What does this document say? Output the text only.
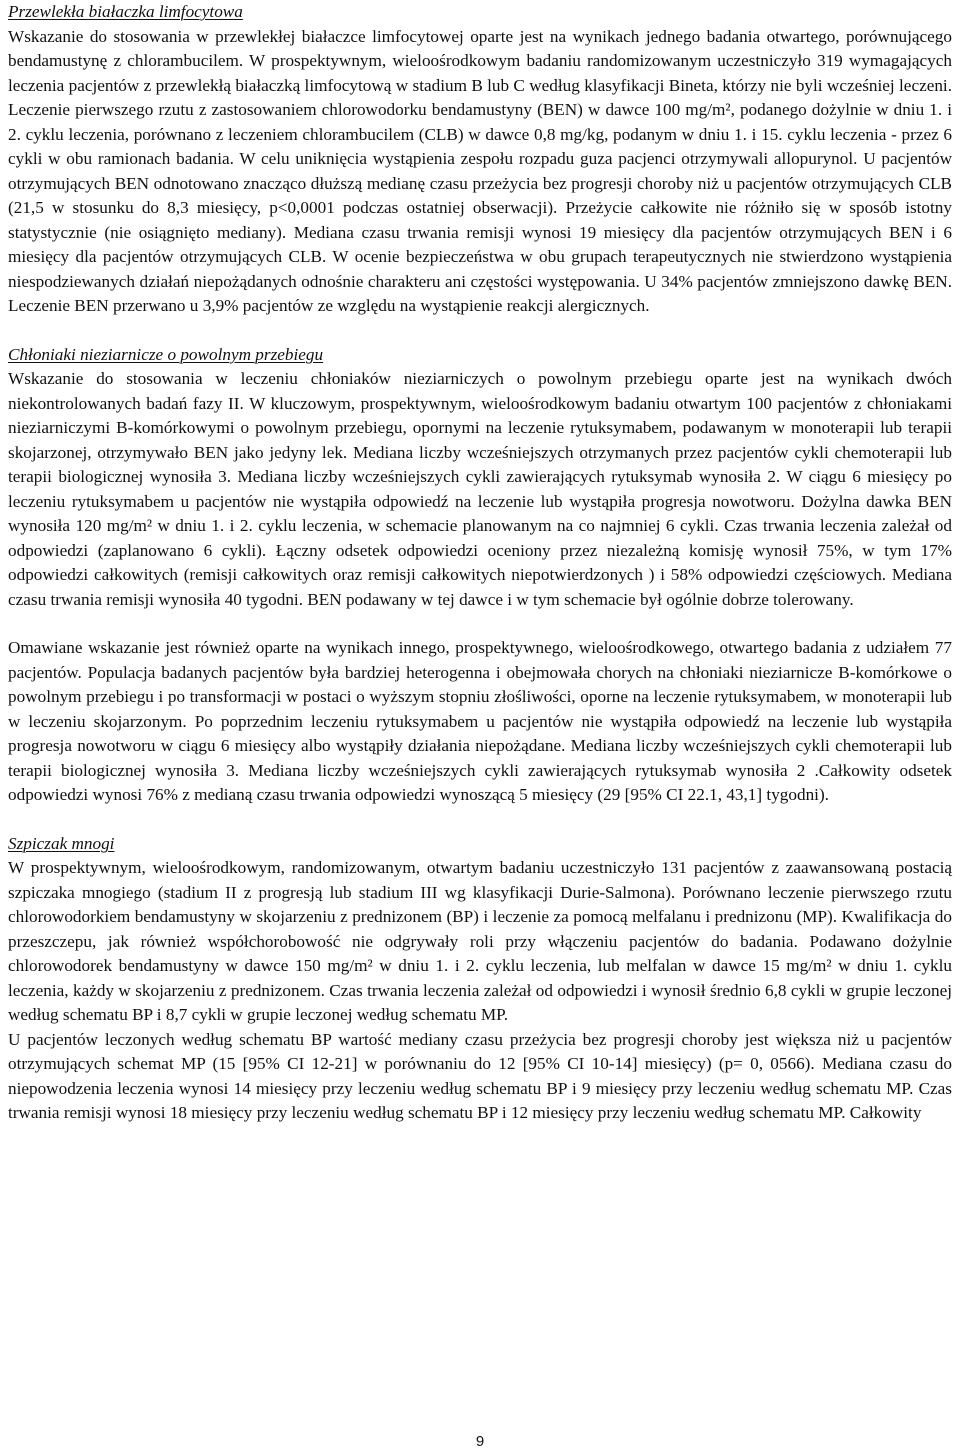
Przewlekła białaczka limfocytowa

Wskazanie do stosowania w przewlekłej białaczce limfocytowej oparte jest na wynikach jednego badania otwartego, porównującego bendamustynę z chlorambucilem. W prospektywnym, wieloośrodkowym badaniu randomizowanym uczestniczyło 319 wymagających leczenia pacjentów z przewlekłą białaczką limfocytową w stadium B lub C według klasyfikacji Bineta, którzy nie byli wcześniej leczeni. Leczenie pierwszego rzutu z zastosowaniem chlorowodorku bendamustyny (BEN) w dawce 100 mg/m², podanego dożylnie w dniu 1. i 2. cyklu leczenia, porównano z leczeniem chlorambucilem (CLB) w dawce 0,8 mg/kg, podanym w dniu 1. i 15. cyklu leczenia - przez 6 cykli w obu ramionach badania. W celu uniknięcia wystąpienia zespołu rozpadu guza pacjenci otrzymywali allopurynol. U pacjentów otrzymujących BEN odnotowano znacząco dłuższą medianę czasu przeżycia bez progresji choroby niż u pacjentów otrzymujących CLB (21,5 w stosunku do 8,3 miesięcy, p<0,0001 podczas ostatniej obserwacji). Przeżycie całkowite nie różniło się w sposób istotny statystycznie (nie osiągnięto mediany). Mediana czasu trwania remisji wynosi 19 miesięcy dla pacjentów otrzymujących BEN i 6 miesięcy dla pacjentów otrzymujących CLB. W ocenie bezpieczeństwa w obu grupach terapeutycznych nie stwierdzono wystąpienia niespodziewanych działań niepożądanych odnośnie charakteru ani częstości występowania. U 34% pacjentów zmniejszono dawkę BEN. Leczenie BEN przerwano u 3,9% pacjentów ze względu na wystąpienie reakcji alergicznych.

Chłoniaki nieziarnicze o powolnym przebiegu

Wskazanie do stosowania w leczeniu chłoniaków nieziarniczych o powolnym przebiegu oparte jest na wynikach dwóch niekontrolowanych badań fazy II. W kluczowym, prospektywnym, wieloośrodkowym badaniu otwartym 100 pacjentów z chłoniakami nieziarniczymi B-komórkowymi o powolnym przebiegu, opornymi na leczenie rytuksymabem, podawanym w monoterapii lub terapii skojarzonej, otrzymywało BEN jako jedyny lek. Mediana liczby wcześniejszych otrzymanych przez pacjentów cykli chemoterapii lub terapii biologicznej wynosiła 3. Mediana liczby wcześniejszych cykli zawierających rytuksymab wynosiła 2. W ciągu 6 miesięcy po leczeniu rytuksymabem u pacjentów nie wystąpiła odpowiedź na leczenie lub wystąpiła progresja nowotworu. Dożylna dawka BEN wynosiła 120 mg/m² w dniu 1. i 2. cyklu leczenia, w schemacie planowanym na co najmniej 6 cykli. Czas trwania leczenia zależał od odpowiedzi (zaplanowano 6 cykli). Łączny odsetek odpowiedzi oceniony przez niezależną komisję wynosił 75%, w tym 17% odpowiedzi całkowitych (remisji całkowitych oraz remisji całkowitych niepotwierdzonych ) i 58% odpowiedzi częściowych. Mediana czasu trwania remisji wynosiła 40 tygodni. BEN podawany w tej dawce i w tym schemacie był ogólnie dobrze tolerowany.

Omawiane wskazanie jest również oparte na wynikach innego, prospektywnego, wieloośrodkowego, otwartego badania z udziałem 77 pacjentów. Populacja badanych pacjentów była bardziej heterogenna i obejmowała chorych na chłoniaki nieziarnicze B-komórkowe o powolnym przebiegu i po transformacji w postaci o wyższym stopniu złośliwości, oporne na leczenie rytuksymabem, w monoterapii lub w leczeniu skojarzonym. Po poprzednim leczeniu rytuksymabem u pacjentów nie wystąpiła odpowiedź na leczenie lub wystąpiła progresja nowotworu w ciągu 6 miesięcy albo wystąpiły działania niepożądane. Mediana liczby wcześniejszych cykli chemoterapii lub terapii biologicznej wynosiła 3. Mediana liczby wcześniejszych cykli zawierających rytuksymab wynosiła 2 .Całkowity odsetek odpowiedzi wynosi 76% z medianą czasu trwania odpowiedzi wynoszącą 5 miesięcy (29 [95% CI 22.1, 43,1] tygodni).

Szpiczak mnogi

W prospektywnym, wieloośrodkowym, randomizowanym, otwartym badaniu uczestniczyło 131 pacjentów z zaawansowaną postacią szpiczaka mnogiego (stadium II z progresją lub stadium III wg klasyfikacji Durie-Salmona). Porównano leczenie pierwszego rzutu chlorowodorkiem bendamustyny w skojarzeniu z prednizonem (BP) i leczenie za pomocą melfalanu i prednizonu (MP). Kwalifikacja do przeszczepu, jak również współchorobowość nie odgrywały roli przy włączeniu pacjentów do badania. Podawano dożylnie chlorowodorek bendamustyny w dawce 150 mg/m² w dniu 1. i 2. cyklu leczenia, lub melfalan w dawce 15 mg/m² w dniu 1. cyklu leczenia, każdy w skojarzeniu z prednizonem. Czas trwania leczenia zależał od odpowiedzi i wynosił średnio 6,8 cykli w grupie leczonej według schematu BP i 8,7 cykli w grupie leczonej według schematu MP.

U pacjentów leczonych według schematu BP wartość mediany czasu przeżycia bez progresji choroby jest większa niż u pacjentów otrzymujących schemat MP (15 [95% CI 12-21] w porównaniu do 12 [95% CI 10-14] miesięcy) (p= 0, 0566). Mediana czasu do niepowodzenia leczenia wynosi 14 miesięcy przy leczeniu według schematu BP i 9 miesięcy przy leczeniu według schematu MP. Czas trwania remisji wynosi 18 miesięcy przy leczeniu według schematu BP i 12 miesięcy przy leczeniu według schematu MP. Całkowity

9
